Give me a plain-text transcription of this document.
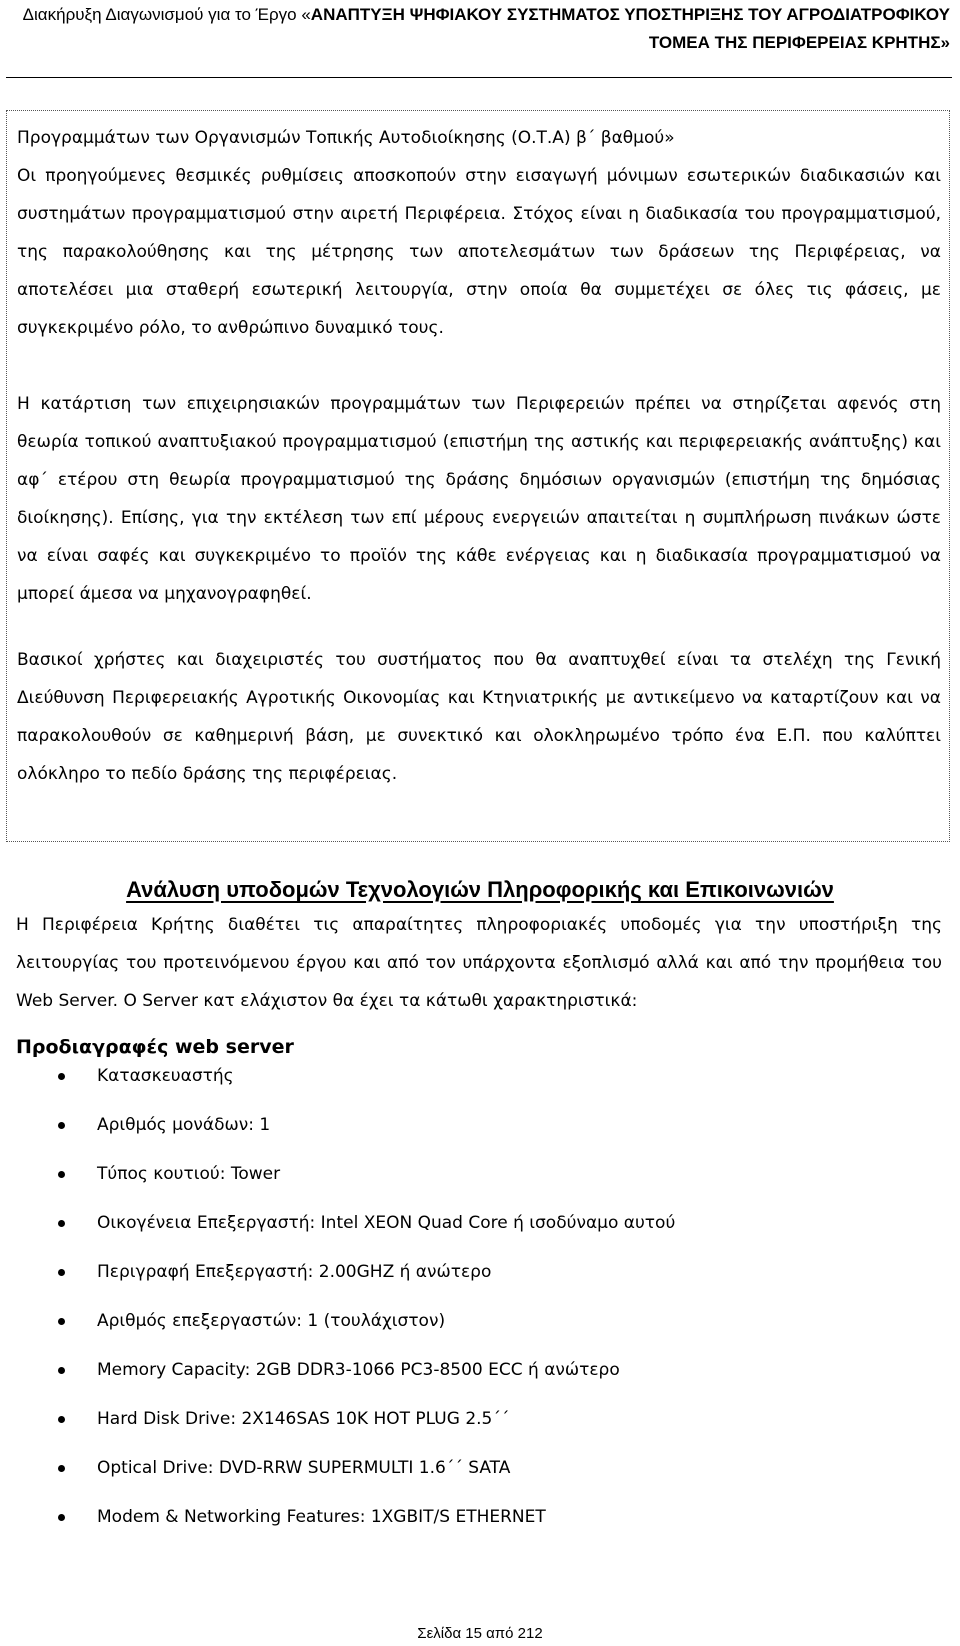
Διακήρυξη Διαγωνισμού για το Έργο «ΑΝΑΠΤΥΞΗ ΨΗΦΙΑΚΟΥ ΣΥΣΤΗΜΑΤΟΣ ΥΠΟΣΤΗΡΙΞΗΣ ΤΟΥ ΑΓΡΟΔΙΑΤΡΟΦΙΚΟΥ
ΤΟΜΕΑ ΤΗΣ ΠΕΡΙΦΕΡΕΙΑΣ ΚΡΗΤΗΣ»

Προγραμμάτων των Οργανισμών Τοπικής Αυτοδιοίκησης (Ο.Τ.Α) β΄ βαθμού»

Οι προηγούμενες θεσμικές ρυθμίσεις αποσκοπούν στην εισαγωγή μόνιμων εσωτερικών διαδικασιών και συστημάτων προγραμματισμού στην αιρετή Περιφέρεια. Στόχος είναι η διαδικασία του προγραμματισμού, της παρακολούθησης και της μέτρησης των αποτελεσμάτων των δράσεων της Περιφέρειας, να αποτελέσει μια σταθερή εσωτερική λειτουργία, στην οποία θα συμμετέχει σε όλες τις φάσεις, με συγκεκριμένο ρόλο, το ανθρώπινο δυναμικό τους.

Η κατάρτιση των επιχειρησιακών προγραμμάτων των Περιφερειών πρέπει να στηρίζεται αφενός στη θεωρία τοπικού αναπτυξιακού προγραμματισμού (επιστήμη της αστικής και περιφερειακής ανάπτυξης) και αφ΄ ετέρου στη θεωρία προγραμματισμού της δράσης δημόσιων οργανισμών (επιστήμη της δημόσιας διοίκησης). Επίσης, για την εκτέλεση των επί μέρους ενεργειών απαιτείται η συμπλήρωση πινάκων ώστε να είναι σαφές και συγκεκριμένο το προϊόν της κάθε ενέργειας και η διαδικασία προγραμματισμού να μπορεί άμεσα να μηχανογραφηθεί.

Βασικοί χρήστες και διαχειριστές του συστήματος που θα αναπτυχθεί είναι τα στελέχη της Γενική Διεύθυνση Περιφερειακής Αγροτικής Οικονομίας και Κτηνιατρικής με αντικείμενο να καταρτίζουν και να παρακολουθούν σε καθημερινή βάση, με συνεκτικό και ολοκληρωμένο τρόπο ένα Ε.Π. που καλύπτει ολόκληρο το πεδίο δράσης της περιφέρειας.

Ανάλυση υποδομών Τεχνολογιών Πληροφορικής και Επικοινωνιών

Η Περιφέρεια Κρήτης διαθέτει τις απαραίτητες πληροφοριακές υποδομές για την υποστήριξη της λειτουργίας του προτεινόμενου έργου και από τον υπάρχοντα εξοπλισμό αλλά και από την προμήθεια του Web Server. Ο Server κατ ελάχιστον θα έχει τα κάτωθι χαρακτηριστικά:

Προδιαγραφές web server
Κατασκευαστής
Αριθμός μονάδων: 1
Τύπος κουτιού: Tower
Οικογένεια Επεξεργαστή: Intel XEON Quad Core ή ισοδύναμο αυτού
Περιγραφή Επεξεργαστή: 2.00GHZ ή ανώτερο
Αριθμός επεξεργαστών: 1 (τουλάχιστον)
Memory Capacity: 2GB DDR3-1066 PC3-8500 ECC ή ανώτερο
Hard Disk Drive: 2X146SAS 10K HOT PLUG 2.5΄΄
Optical Drive: DVD-RRW SUPERMULTI 1.6΄΄ SATA
Modem & Networking Features: 1XGBIT/S ETHERNET
Σελίδα 15 από 212
